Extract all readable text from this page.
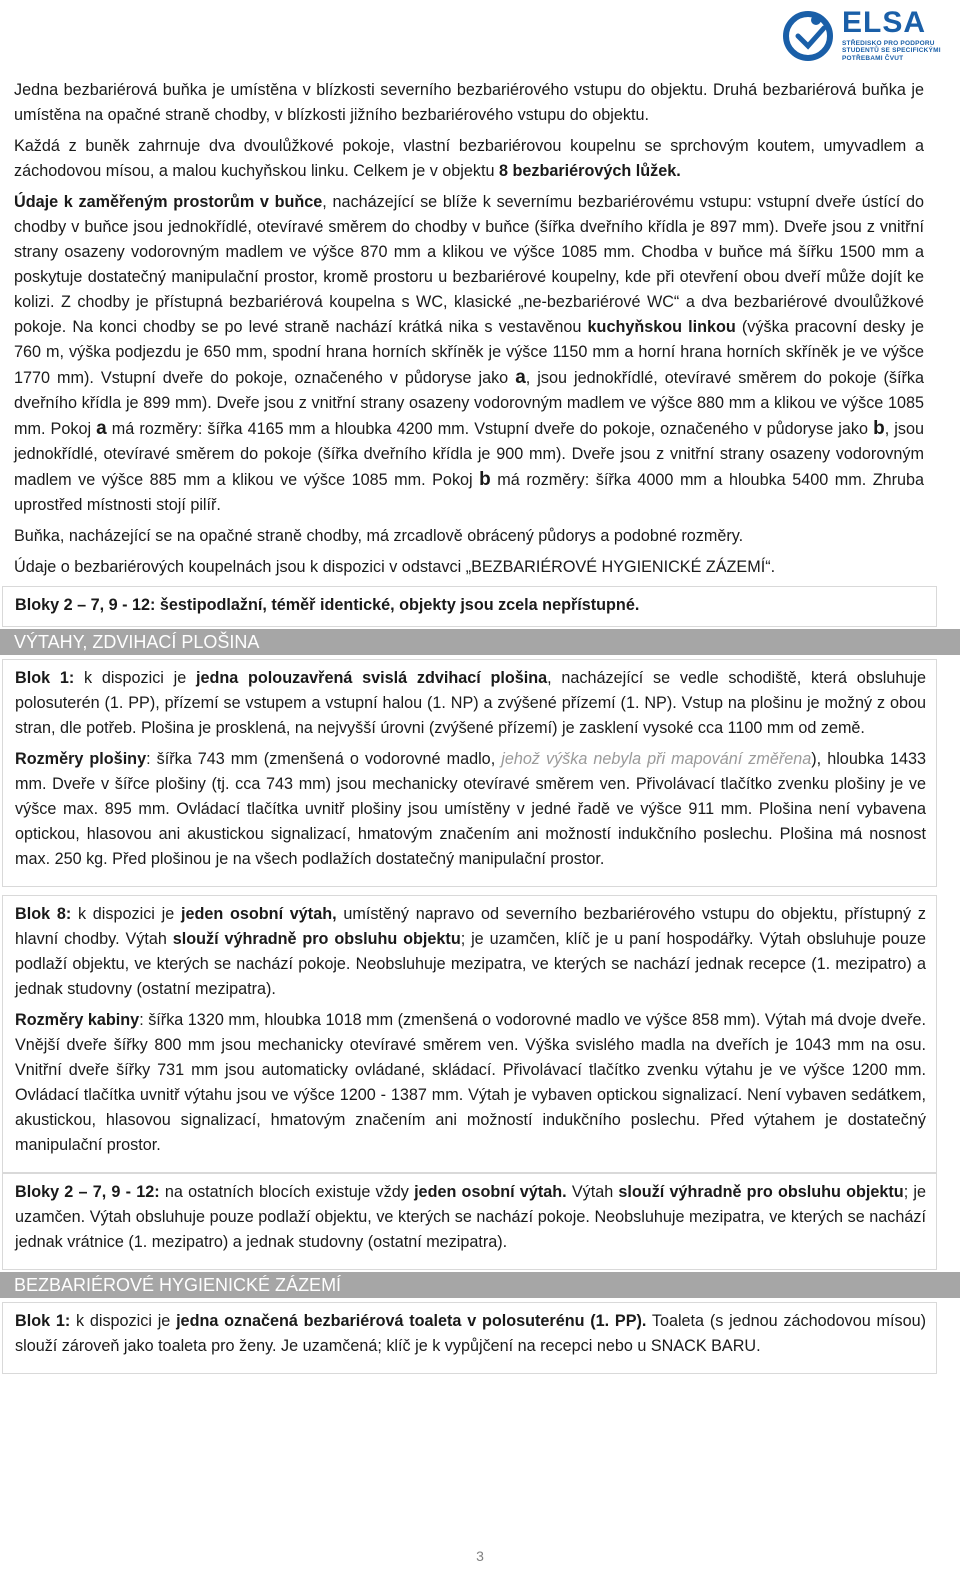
ELSA
STŘEDISKO PRO PODPORU
STUDENTŮ SE SPECIFICKÝMI
POTŘEBAMI ČVUT

Jedna bezbariérová buňka je umístěna v blízkosti severního bezbariérového vstupu do objektu. Druhá bezbariérová buňka je umístěna na opačné straně chodby, v blízkosti jižního bezbariérového vstupu do objektu.

Každá z buněk zahrnuje dva dvoulůžkové pokoje, vlastní bezbariérovou koupelnu se sprchovým koutem, umyvadlem a záchodovou mísou, a malou kuchyňskou linku. Celkem je v objektu 8 bezbariérových lůžek.

Údaje k zaměřeným prostorům v buňce, nacházející se blíže k severnímu bezbariérovému vstupu: vstupní dveře ústící do chodby v buňce jsou jednokřídlé, otevíravé směrem do chodby v buňce (šířka dveřního křídla je 897 mm). Dveře jsou z vnitřní strany osazeny vodorovným madlem ve výšce 870 mm a klikou ve výšce 1085 mm. Chodba v buňce má šířku 1500 mm a poskytuje dostatečný manipulační prostor, kromě prostoru u bezbariérové koupelny, kde při otevření obou dveří může dojít ke kolizi. Z chodby je přístupná bezbariérová koupelna s WC, klasické „ne-bezbariérové WC“ a dva bezbariérové dvoulůžkové pokoje. Na konci chodby se po levé straně nachází krátká nika s vestavěnou kuchyňskou linkou (výška pracovní desky je 760 m, výška podjezdu je 650 mm, spodní hrana horních skříněk je výšce 1150 mm a horní hrana horních skříněk je ve výšce 1770 mm). Vstupní dveře do pokoje, označeného v půdoryse jako a, jsou jednokřídlé, otevíravé směrem do pokoje (šířka dveřního křídla je 899 mm). Dveře jsou z vnitřní strany osazeny vodorovným madlem ve výšce 880 mm a klikou ve výšce 1085 mm. Pokoj a má rozměry: šířka 4165 mm a hloubka 4200 mm. Vstupní dveře do pokoje, označeného v půdoryse jako b, jsou jednokřídlé, otevíravé směrem do pokoje (šířka dveřního křídla je 900 mm). Dveře jsou z vnitřní strany osazeny vodorovným madlem ve výšce 885 mm a klikou ve výšce 1085 mm. Pokoj b má rozměry: šířka 4000 mm a hloubka 5400 mm. Zhruba uprostřed místnosti stojí pilíř.

Buňka, nacházející se na opačné straně chodby, má zrcadlově obrácený půdorys a podobné rozměry.

Údaje o bezbariérových koupelnách jsou k dispozici v odstavci „BEZBARIÉROVÉ HYGIENICKÉ ZÁZEMÍ“.

Bloky 2 – 7, 9 - 12: šestipodlažní, téměř identické, objekty jsou zcela nepřístupné.
VÝTAHY, ZDVIHACÍ PLOŠINA

Blok 1: k dispozici je jedna polouzavřená svislá zdvihací plošina, nacházející se vedle schodiště, která obsluhuje polosuterén (1. PP), přízemí se vstupem a vstupní halou (1. NP) a zvýšené přízemí (1. NP). Vstup na plošinu je možný z obou stran, dle potřeb. Plošina je prosklená, na nejvyšší úrovni (zvýšené přízemí) je zasklení vysoké cca 1100 mm od země.

Rozměry plošiny: šířka 743 mm (zmenšená o vodorovné madlo, jehož výška nebyla při mapování změřena), hloubka 1433 mm. Dveře v šířce plošiny (tj. cca 743 mm) jsou mechanicky otevíravé směrem ven. Přivolávací tlačítko zvenku plošiny je ve výšce max. 895 mm. Ovládací tlačítka uvnitř plošiny jsou umístěny v jedné řadě ve výšce 911 mm. Plošina není vybavena optickou, hlasovou ani akustickou signalizací, hmatovým značením ani možností indukčního poslechu. Plošina má nosnost max. 250 kg. Před plošinou je na všech podlažích dostatečný manipulační prostor.

Blok 8: k dispozici je jeden osobní výtah, umístěný napravo od severního bezbariérového vstupu do objektu, přístupný z hlavní chodby. Výtah slouží výhradně pro obsluhu objektu; je uzamčen, klíč je u paní hospodářky. Výtah obsluhuje pouze podlaží objektu, ve kterých se nachází pokoje. Neobsluhuje mezipatra, ve kterých se nachází jednak recepce (1. mezipatro) a jednak studovny (ostatní mezipatra).

Rozměry kabiny: šířka 1320 mm, hloubka 1018 mm (zmenšená o vodorovné madlo ve výšce 858 mm). Výtah má dvoje dveře. Vnější dveře šířky 800 mm jsou mechanicky otevíravé směrem ven. Výška svislého madla na dveřích je 1043 mm na osu. Vnitřní dveře šířky 731 mm jsou automaticky ovládané, skládací. Přivolávací tlačítko zvenku výtahu je ve výšce 1200 mm. Ovládací tlačítka uvnitř výtahu jsou ve výšce 1200 - 1387 mm. Výtah je vybaven optickou signalizací. Není vybaven sedátkem, akustickou, hlasovou signalizací, hmatovým značením ani možností indukčního poslechu. Před výtahem je dostatečný manipulační prostor.

Bloky 2 – 7, 9 - 12: na ostatních blocích existuje vždy jeden osobní výtah. Výtah slouží výhradně pro obsluhu objektu; je uzamčen. Výtah obsluhuje pouze podlaží objektu, ve kterých se nachází pokoje. Neobsluhuje mezipatra, ve kterých se nachází jednak vrátnice (1. mezipatro) a jednak studovny (ostatní mezipatra).

BEZBARIÉROVÉ HYGIENICKÉ ZÁZEMÍ

Blok 1: k dispozici je jedna označená bezbariérová toaleta v polosuterénu (1. PP). Toaleta (s jednou záchodovou mísou) slouží zároveň jako toaleta pro ženy. Je uzamčená; klíč je k vypůjčení na recepci nebo u SNACK BARU.

3
